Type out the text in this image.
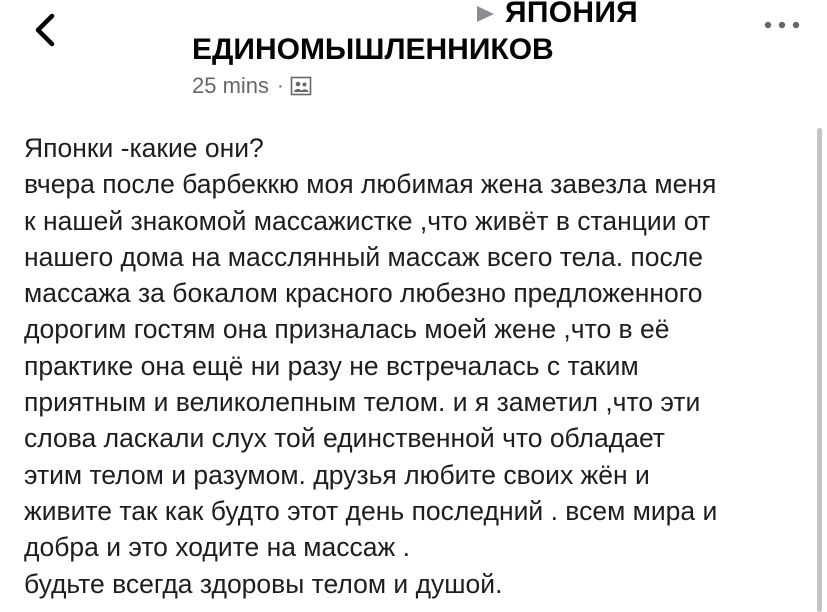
ЯПОНИЯ
ЕДИНОМЫШЛЕННИКОВ
25 mins ·
Японки -какие они?
вчера после барбеккю моя любимая жена завезла меня
к нашей знакомой массажистке ,что живёт в станции от
нашего дома на масслянный массаж всего тела. после
массажа за бокалом красного любезно предложенного
дорогим гостям она призналась моей жене ,что в её
практике она ещё ни разу не встречалась с таким
приятным и великолепным телом. и я заметил ,что эти
слова ласкали слух той единственной что обладает
этим телом и разумом. друзья любите своих жён и
живите так как будто этот день последний . всем мира и
добра и это ходите на массаж .
будьте всегда здоровы телом и душой.
